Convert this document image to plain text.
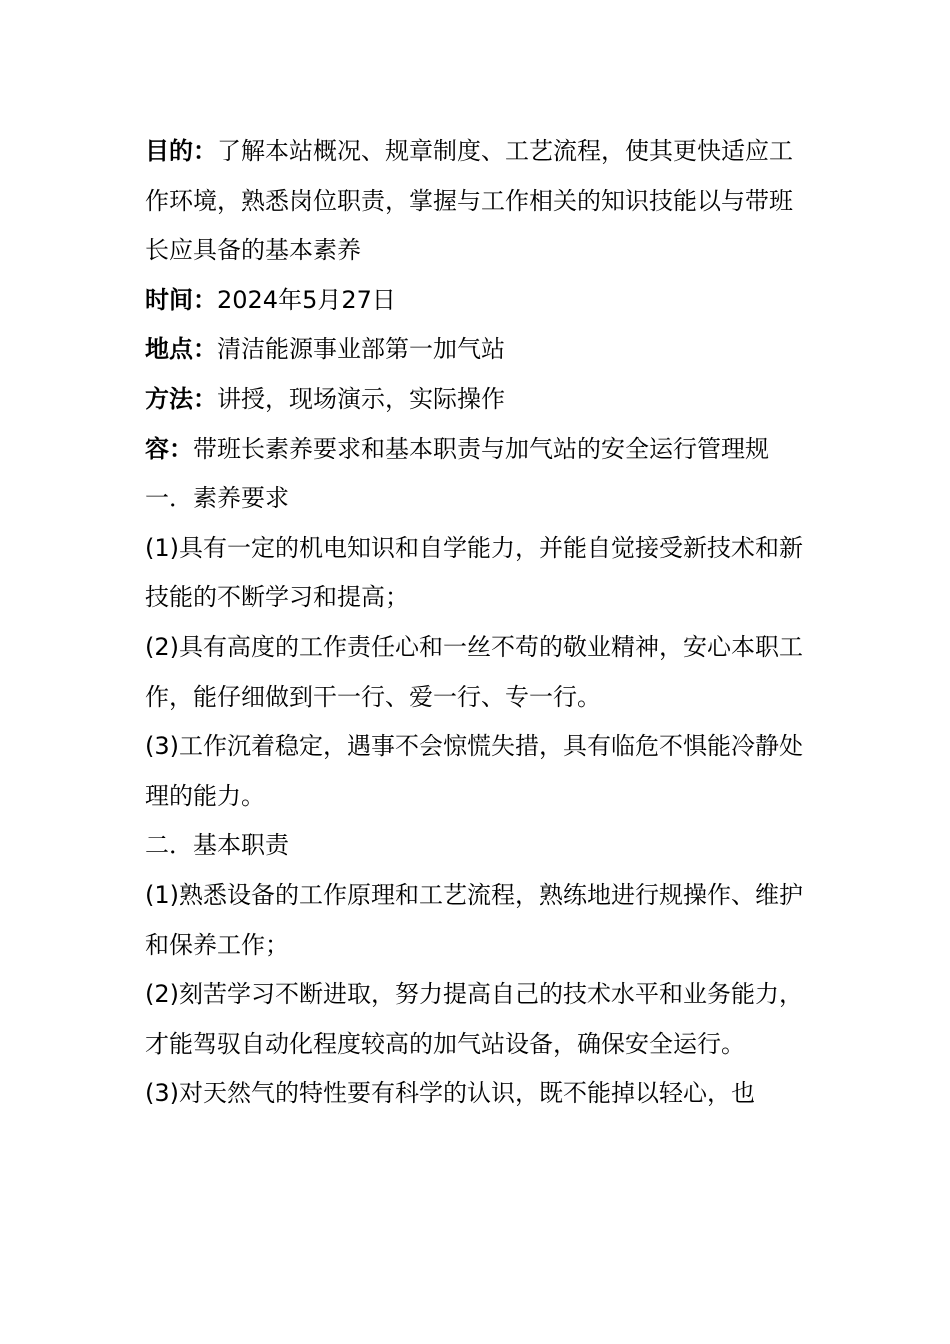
目的：了解本站概况、规章制度、工艺流程，使其更快适应工作环境，熟悉岗位职责，掌握与工作相关的知识技能以与带班长应具备的基本素养

时间：2024年5月27日

地点：清洁能源事业部第一加气站

方法：讲授，现场演示，实际操作

容：带班长素养要求和基本职责与加气站的安全运行管理规

一．素养要求

(1)具有一定的机电知识和自学能力，并能自觉接受新技术和新技能的不断学习和提高；

(2)具有高度的工作责任心和一丝不苟的敬业精神，安心本职工作，能仔细做到干一行、爱一行、专一行。

(3)工作沉着稳定，遇事不会惊慌失措，具有临危不惧能冷静处理的能力。

二．基本职责

(1)熟悉设备的工作原理和工艺流程，熟练地进行规操作、维护和保养工作；

(2)刻苦学习不断进取，努力提高自己的技术水平和业务能力，才能驾驭自动化程度较高的加气站设备，确保安全运行。

(3)对天然气的特性要有科学的认识，既不能掉以轻心，也
